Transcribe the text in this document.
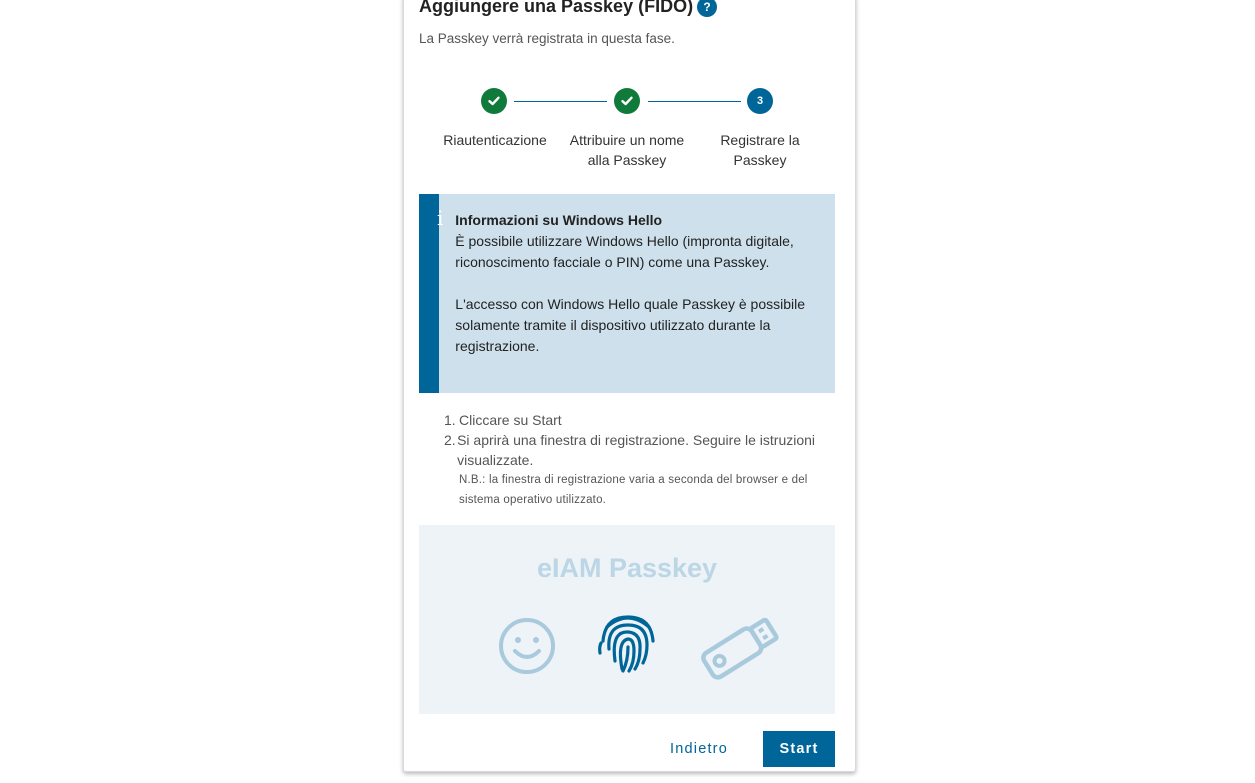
Aggiungere una Passkey (FIDO) ?
La Passkey verrà registrata in questa fase.
3
Riautenticazione	Attribuire un nome
alla Passkey
Registrare la
Passkey
i Informazioni su Windows Hello

È possibile utilizzare Windows Hello (impronta digitale, riconoscimento facciale o PIN) come una Passkey.

L'accesso con Windows Hello quale Passkey è possibile solamente tramite il dispositivo utilizzato durante la registrazione.

1. Cliccare su Start
2. Si aprirà una finestra di registrazione. Seguire le istruzioni visualizzate.
N.B.: la finestra di registrazione varia a seconda del browser e del sistema operativo utilizzato.
eIAM Passkey
Indietro	Start
